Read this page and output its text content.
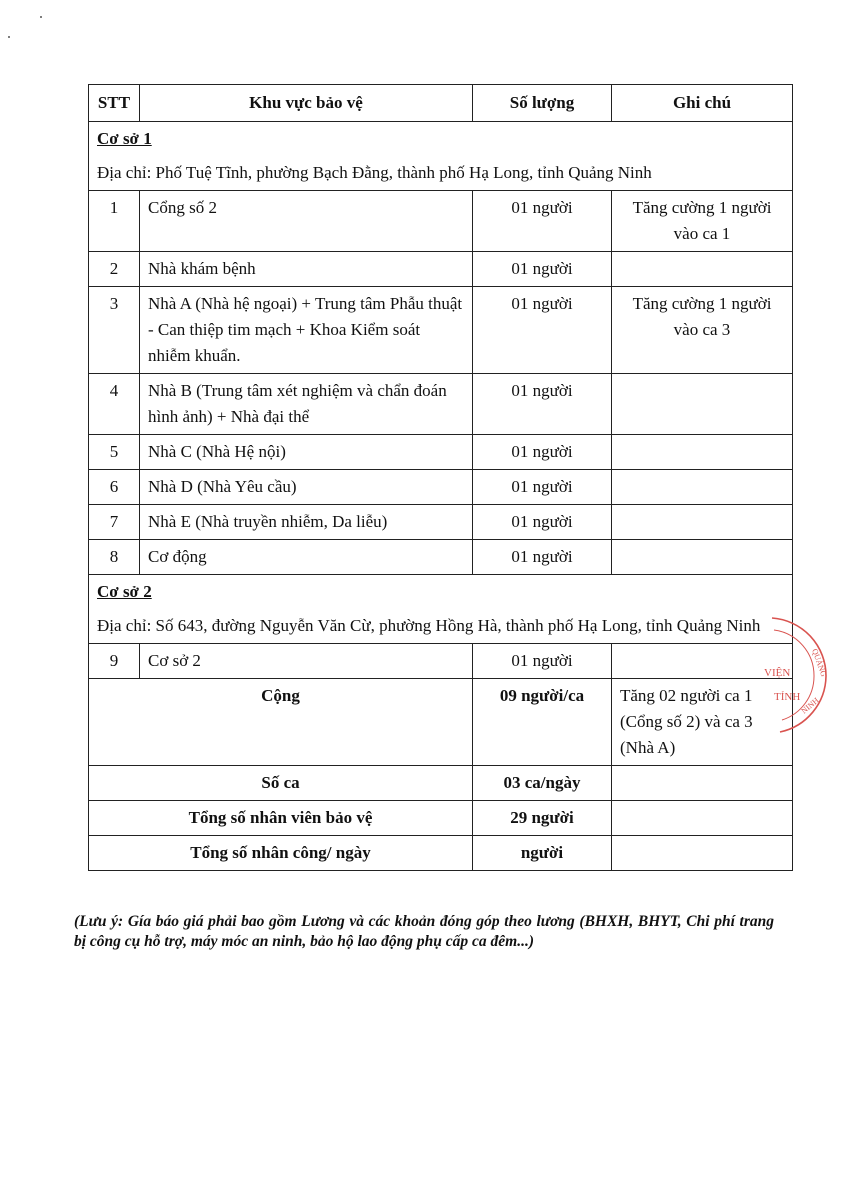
STT	Khu vực bảo vệ	Số lượng	Ghi chú

Cơ sở 1
Địa chỉ: Phố Tuệ Tĩnh, phường Bạch Đằng, thành phố Hạ Long, tỉnh Quảng Ninh			

1	Cổng số 2	01 người	Tăng cường 1 người vào ca 1
2	Nhà khám bệnh	01 người	
3	Nhà A (Nhà hệ ngoại) + Trung tâm Phẫu thuật - Can thiệp tim mạch + Khoa Kiểm soát nhiễm khuẩn.	01 người	Tăng cường 1 người vào ca 3
4	Nhà B (Trung tâm xét nghiệm và chẩn đoán hình ảnh) + Nhà đại thể	01 người	
5	Nhà C (Nhà Hệ nội)	01 người	
6	Nhà D (Nhà Yêu cầu)	01 người	
7	Nhà E (Nhà truyền nhiễm, Da liễu)	01 người	
8	Cơ động	01 người	

Cơ sở 2
Địa chỉ: Số 643, đường Nguyễn Văn Cừ, phường Hồng Hà, thành phố Hạ Long, tỉnh Quảng Ninh			

9	Cơ sở 2	01 người	
Cộng		09 người/ca	Tăng 02 người ca 1 (Cổng số 2) và ca 3 (Nhà A)
Số ca		03 ca/ngày	
Tổng số nhân viên bảo vệ		29 người	
Tổng số nhân công/ ngày		người	
(Lưu ý: Gía báo giá phải bao gồm Lương và các khoản đóng góp theo lương (BHXH, BHYT, Chi phí trang bị công cụ hỗ trợ, máy móc an ninh, bảo hộ lao động phụ cấp ca đêm...)
VIỆN
TỈNH
QUẢNG
NINH
